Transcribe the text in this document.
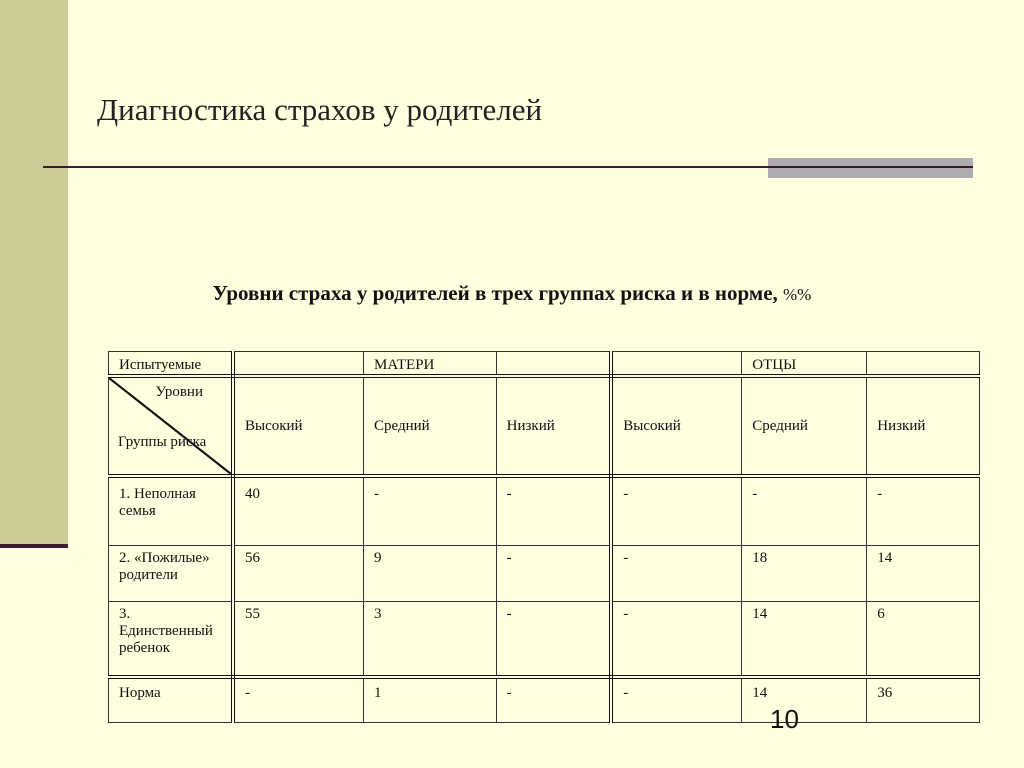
Диагностика страхов у родителей
Уровни страха у родителей в трех группах риска и в норме, %%
Испытуемые		МАТЕРИ			ОТЦЫ	

Уровни
Группы риска	Высокий	Средний	Низкий	Высокий	Средний	Низкий
1. Неполная семья	40	-	-	-	-	-
2. «Пожилые» родители	56	9	-	-	18	14
3. Единственный ребенок	55	3	-	-	14	6
Норма	-	1	-	-	14	36
10
